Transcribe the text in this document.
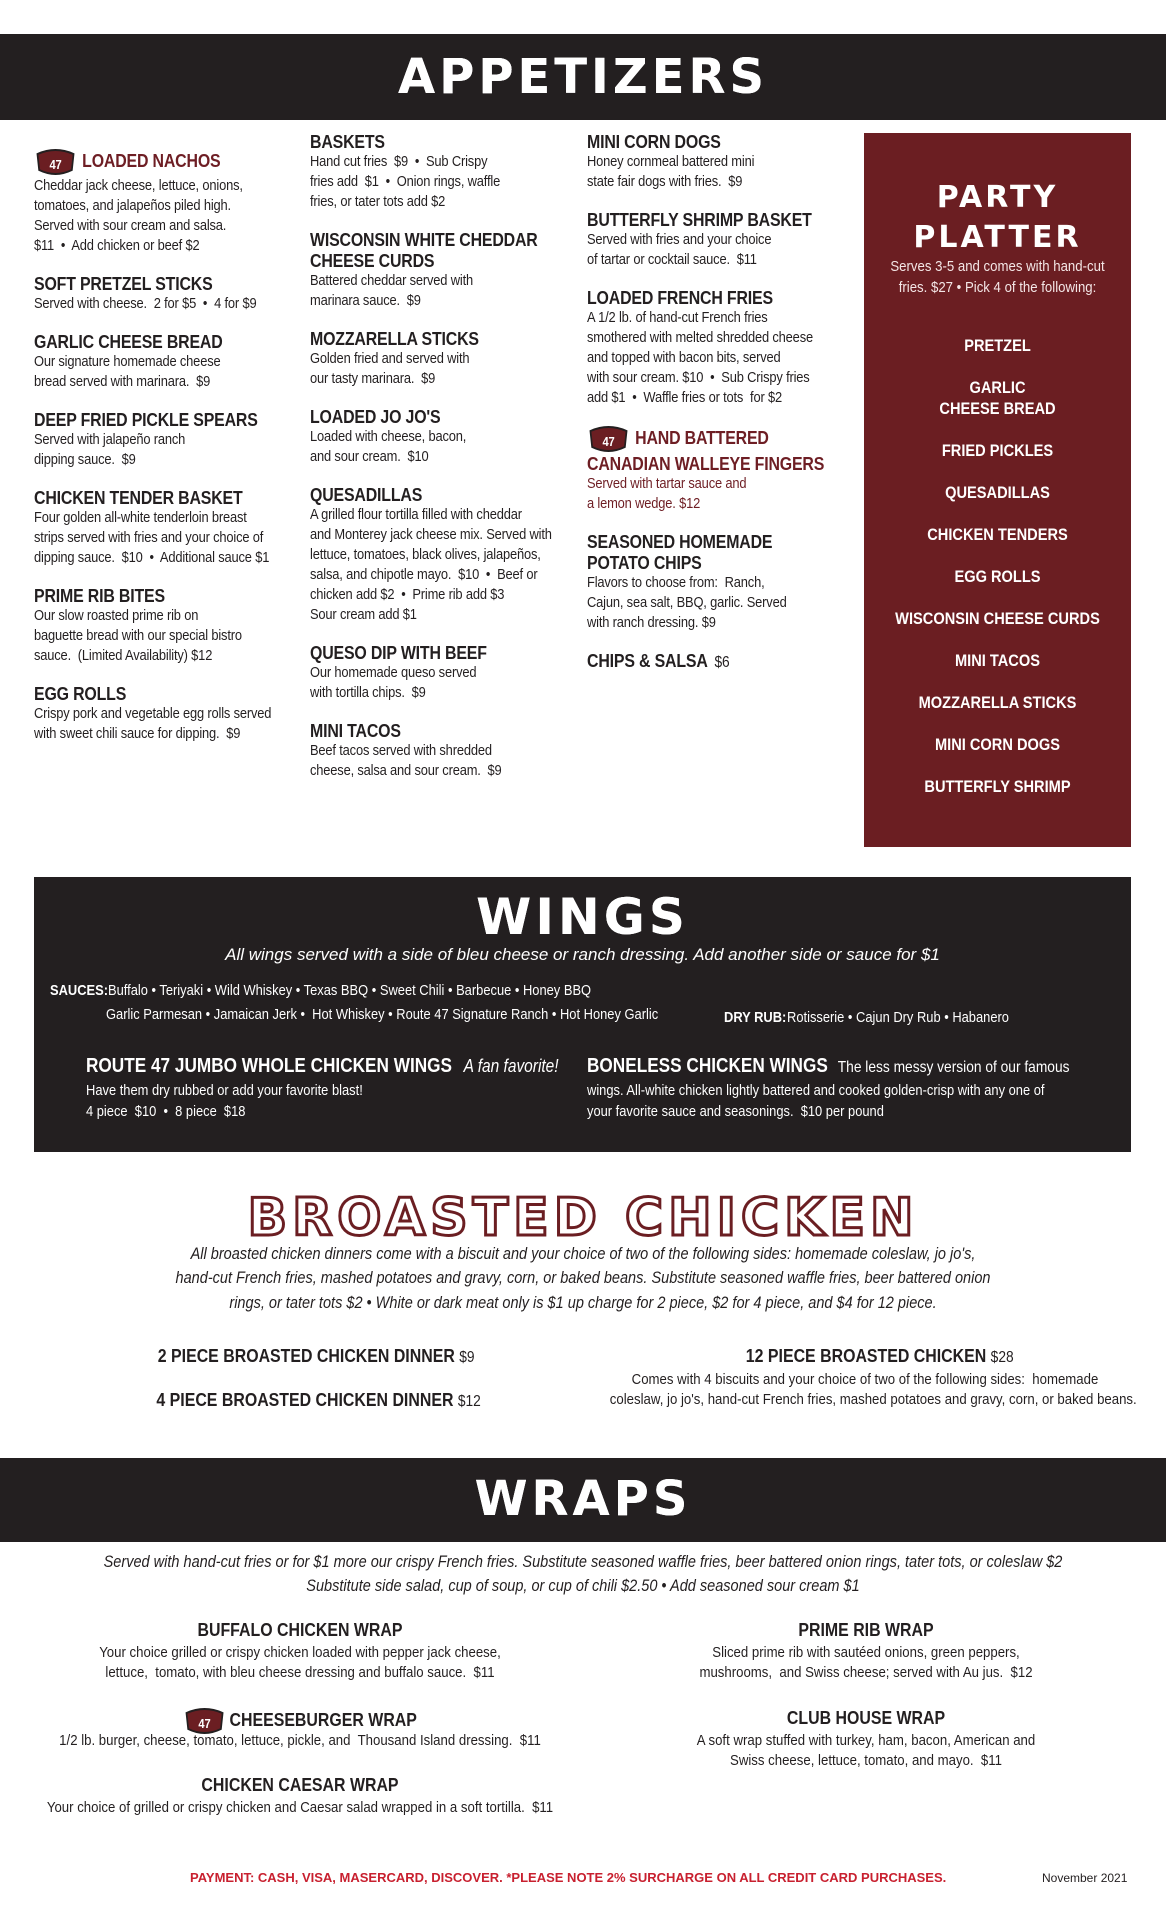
APPETIZERS
47 LOADED NACHOS
Cheddar jack cheese, lettuce, onions,
tomatoes, and jalapeños piled high.
Served with sour cream and salsa.
$11  •  Add chicken or beef $2
SOFT PRETZEL STICKS
Served with cheese.  2 for $5  •  4 for $9
GARLIC CHEESE BREAD
Our signature homemade cheese
bread served with marinara.  $9
DEEP FRIED PICKLE SPEARS
Served with jalapeño ranch
dipping sauce.  $9
CHICKEN TENDER BASKET
Four golden all-white tenderloin breast
strips served with fries and your choice of
dipping sauce.  $10  •  Additional sauce $1
PRIME RIB BITES
Our slow roasted prime rib on
baguette bread with our special bistro
sauce.  (Limited Availability) $12
EGG ROLLS
Crispy pork and vegetable egg rolls served
with sweet chili sauce for dipping.  $9
BASKETS
Hand cut fries  $9  •  Sub Crispy
fries add  $1  •  Onion rings, waffle
fries, or tater tots add $2
WISCONSIN WHITE CHEDDAR
CHEESE CURDS
Battered cheddar served with
marinara sauce.  $9
MOZZARELLA STICKS
Golden fried and served with
our tasty marinara.  $9
LOADED JO JO'S
Loaded with cheese, bacon,
and sour cream.  $10
QUESADILLAS
A grilled flour tortilla filled with cheddar
and Monterey jack cheese mix. Served with
lettuce, tomatoes, black olives, jalapeños,
salsa, and chipotle mayo.  $10  •  Beef or
chicken add $2  •  Prime rib add $3
Sour cream add $1
QUESO DIP WITH BEEF
Our homemade queso served
with tortilla chips.  $9
MINI TACOS
Beef tacos served with shredded
cheese, salsa and sour cream.  $9
MINI CORN DOGS
Honey cornmeal battered mini
state fair dogs with fries.  $9
BUTTERFLY SHRIMP BASKET
Served with fries and your choice
of tartar or cocktail sauce.  $11
LOADED FRENCH FRIES
A 1/2 lb. of hand-cut French fries
smothered with melted shredded cheese
and topped with bacon bits, served
with sour cream. $10  •  Sub Crispy fries
add $1  •  Waffle fries or tots  for $2
47 HAND BATTERED
CANADIAN WALLEYE FINGERS
Served with tartar sauce and
a lemon wedge. $12
SEASONED HOMEMADE
POTATO CHIPS
Flavors to choose from:  Ranch,
Cajun, sea salt, BBQ, garlic. Served
with ranch dressing. $9
CHIPS & SALSA $6
PARTY
PLATTER
Serves 3-5 and comes with hand-cut fries. $27 • Pick 4 of the following:
PRETZEL
GARLIC
CHEESE BREAD
FRIED PICKLES
QUESADILLAS
CHICKEN TENDERS
EGG ROLLS
WISCONSIN CHEESE CURDS
MINI TACOS
MOZZARELLA STICKS
MINI CORN DOGS
BUTTERFLY SHRIMP
WINGS
All wings served with a side of bleu cheese or ranch dressing. Add another side or sauce for $1
SAUCES: Buffalo • Teriyaki • Wild Whiskey • Texas BBQ • Sweet Chili • Barbecue • Honey BBQ
Garlic Parmesan • Jamaican Jerk •  Hot Whiskey • Route 47 Signature Ranch • Hot Honey Garlic	DRY RUB: Rotisserie • Cajun Dry Rub • Habanero
ROUTE 47 JUMBO WHOLE CHICKEN WINGS A fan favorite!
Have them dry rubbed or add your favorite blast!
4 piece  $10  •  8 piece  $18
BONELESS CHICKEN WINGS The less messy version of our famous
wings. All-white chicken lightly battered and cooked golden-crisp with any one of
your favorite sauce and seasonings.  $10 per pound
BROASTED CHICKEN
All broasted chicken dinners come with a biscuit and your choice of two of the following sides: homemade coleslaw, jo jo's,
hand-cut French fries, mashed potatoes and gravy, corn, or baked beans. Substitute seasoned waffle fries, beer battered onion
rings, or tater tots $2 • White or dark meat only is $1 up charge for 2 piece, $2 for 4 piece, and $4 for 12 piece.
2 PIECE BROASTED CHICKEN DINNER $9
4 PIECE BROASTED CHICKEN DINNER $12
12 PIECE BROASTED CHICKEN $28
Comes with 4 biscuits and your choice of two of the following sides:  homemade
coleslaw, jo jo's, hand-cut French fries, mashed potatoes and gravy, corn, or baked beans.
WRAPS
Served with hand-cut fries or for $1 more our crispy French fries. Substitute seasoned waffle fries, beer battered onion rings, tater tots, or coleslaw $2
Substitute side salad, cup of soup, or cup of chili $2.50 • Add seasoned sour cream $1
BUFFALO CHICKEN WRAP
Your choice grilled or crispy chicken loaded with pepper jack cheese,
lettuce,  tomato, with bleu cheese dressing and buffalo sauce.  $11
47 CHEESEBURGER WRAP
1/2 lb. burger, cheese, tomato, lettuce, pickle, and  Thousand Island dressing.  $11
CHICKEN CAESAR WRAP
Your choice of grilled or crispy chicken and Caesar salad wrapped in a soft tortilla.  $11
PRIME RIB WRAP
Sliced prime rib with sautéed onions, green peppers,
mushrooms,  and Swiss cheese; served with Au jus.  $12
CLUB HOUSE WRAP
A soft wrap stuffed with turkey, ham, bacon, American and
Swiss cheese, lettuce, tomato, and mayo.  $11
PAYMENT: CASH, VISA, MASERCARD, DISCOVER. *PLEASE NOTE 2% SURCHARGE ON ALL CREDIT CARD PURCHASES.	November 2021
